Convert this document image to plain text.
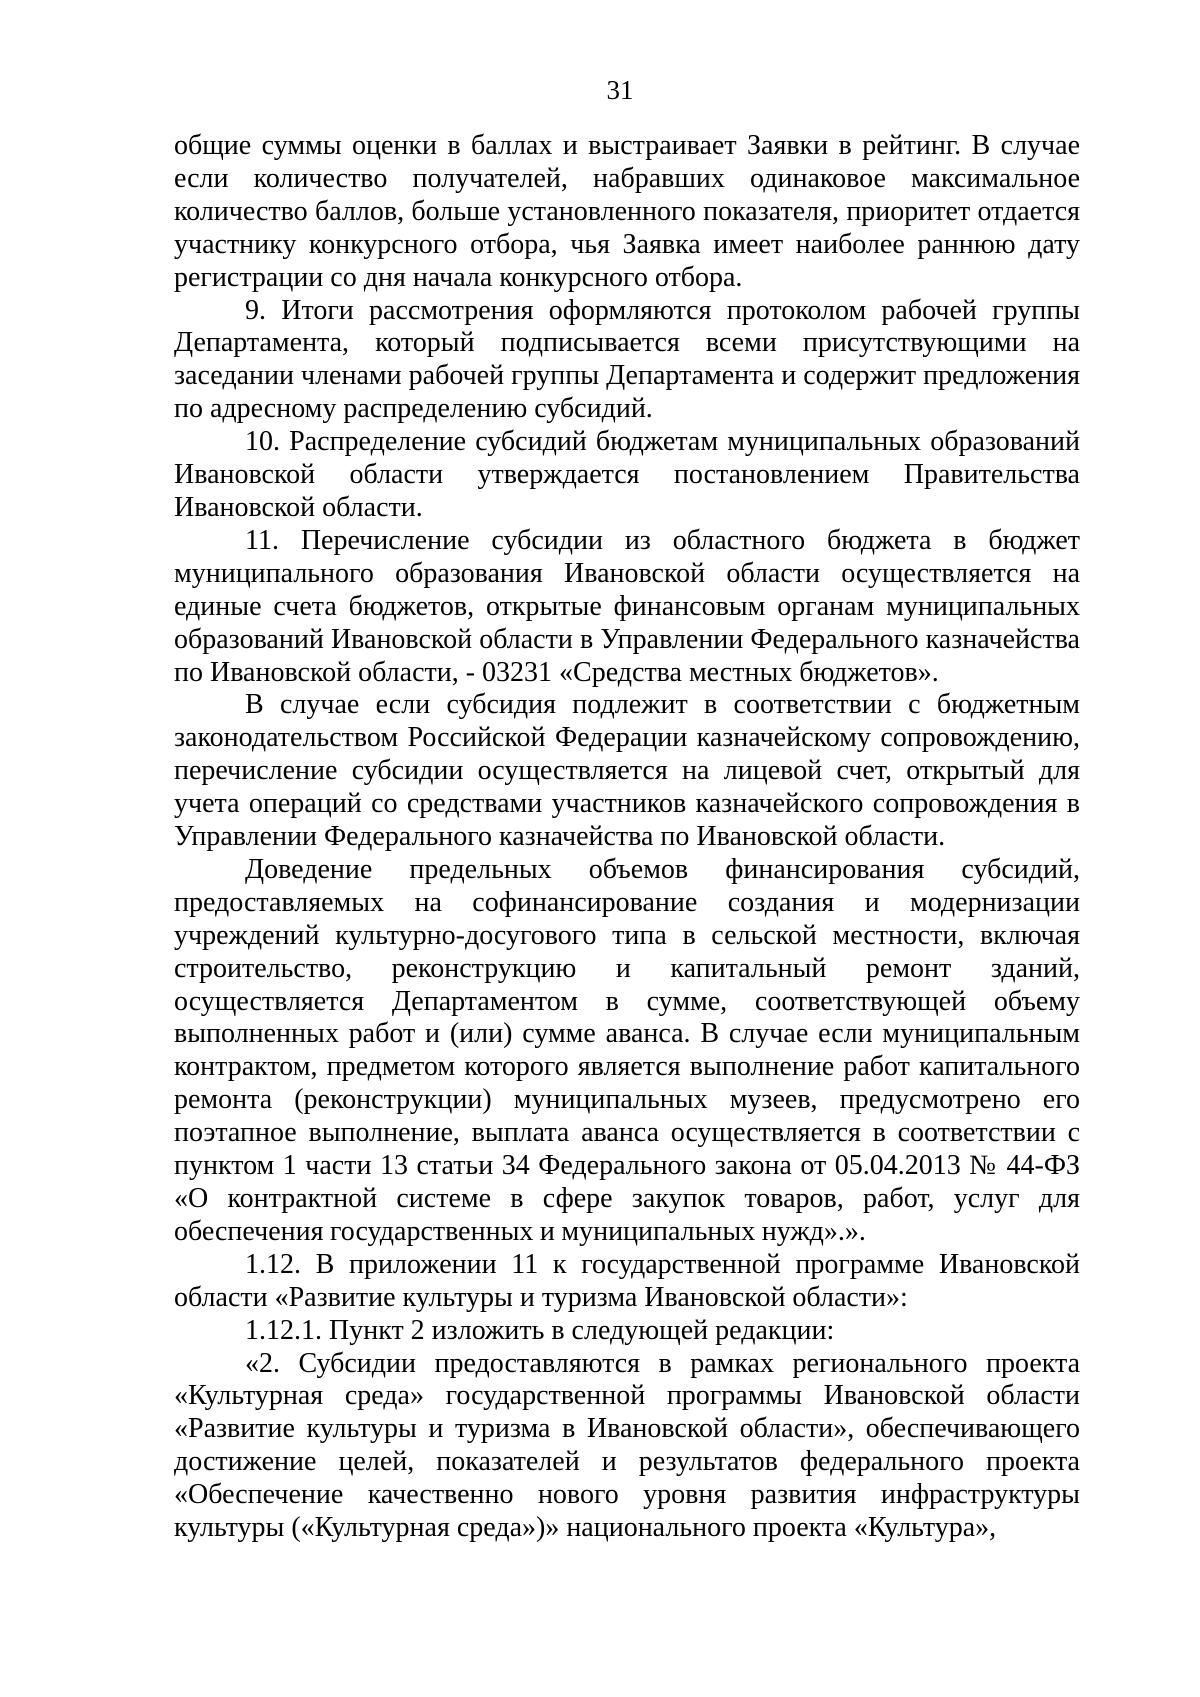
31

общие суммы оценки в баллах и выстраивает Заявки в рейтинг. В случае если количество получателей, набравших одинаковое максимальное количество баллов, больше установленного показателя, приоритет отдается участнику конкурсного отбора, чья Заявка имеет наиболее раннюю дату регистрации со дня начала конкурсного отбора.

9. Итоги рассмотрения оформляются протоколом рабочей группы Департамента, который подписывается всеми присутствующими на заседании членами рабочей группы Департамента и содержит предложения по адресному распределению субсидий.

10. Распределение субсидий бюджетам муниципальных образований Ивановской области утверждается постановлением Правительства Ивановской области.

11. Перечисление субсидии из областного бюджета в бюджет муниципального образования Ивановской области осуществляется на единые счета бюджетов, открытые финансовым органам муниципальных образований Ивановской области в Управлении Федерального казначейства по Ивановской области, - 03231 «Средства местных бюджетов».

В случае если субсидия подлежит в соответствии с бюджетным законодательством Российской Федерации казначейскому сопровождению, перечисление субсидии осуществляется на лицевой счет, открытый для учета операций со средствами участников казначейского сопровождения в Управлении Федерального казначейства по Ивановской области.

Доведение предельных объемов финансирования субсидий, предоставляемых на софинансирование создания и модернизации учреждений культурно-досугового типа в сельской местности, включая строительство, реконструкцию и капитальный ремонт зданий, осуществляется Департаментом в сумме, соответствующей объему выполненных работ и (или) сумме аванса. В случае если муниципальным контрактом, предметом которого является выполнение работ капитального ремонта (реконструкции) муниципальных музеев, предусмотрено его поэтапное выполнение, выплата аванса осуществляется в соответствии с пунктом 1 части 13 статьи 34 Федерального закона от 05.04.2013 № 44-ФЗ «О контрактной системе в сфере закупок товаров, работ, услуг для обеспечения государственных и муниципальных нужд».».

1.12. В приложении 11 к государственной программе Ивановской области «Развитие культуры и туризма Ивановской области»:

1.12.1. Пункт 2 изложить в следующей редакции:

«2. Субсидии предоставляются в рамках регионального проекта «Культурная среда» государственной программы Ивановской области «Развитие культуры и туризма в Ивановской области», обеспечивающего достижение целей, показателей и результатов федерального проекта «Обеспечение качественно нового уровня развития инфраструктуры культуры («Культурная среда»)» национального проекта «Культура»,
